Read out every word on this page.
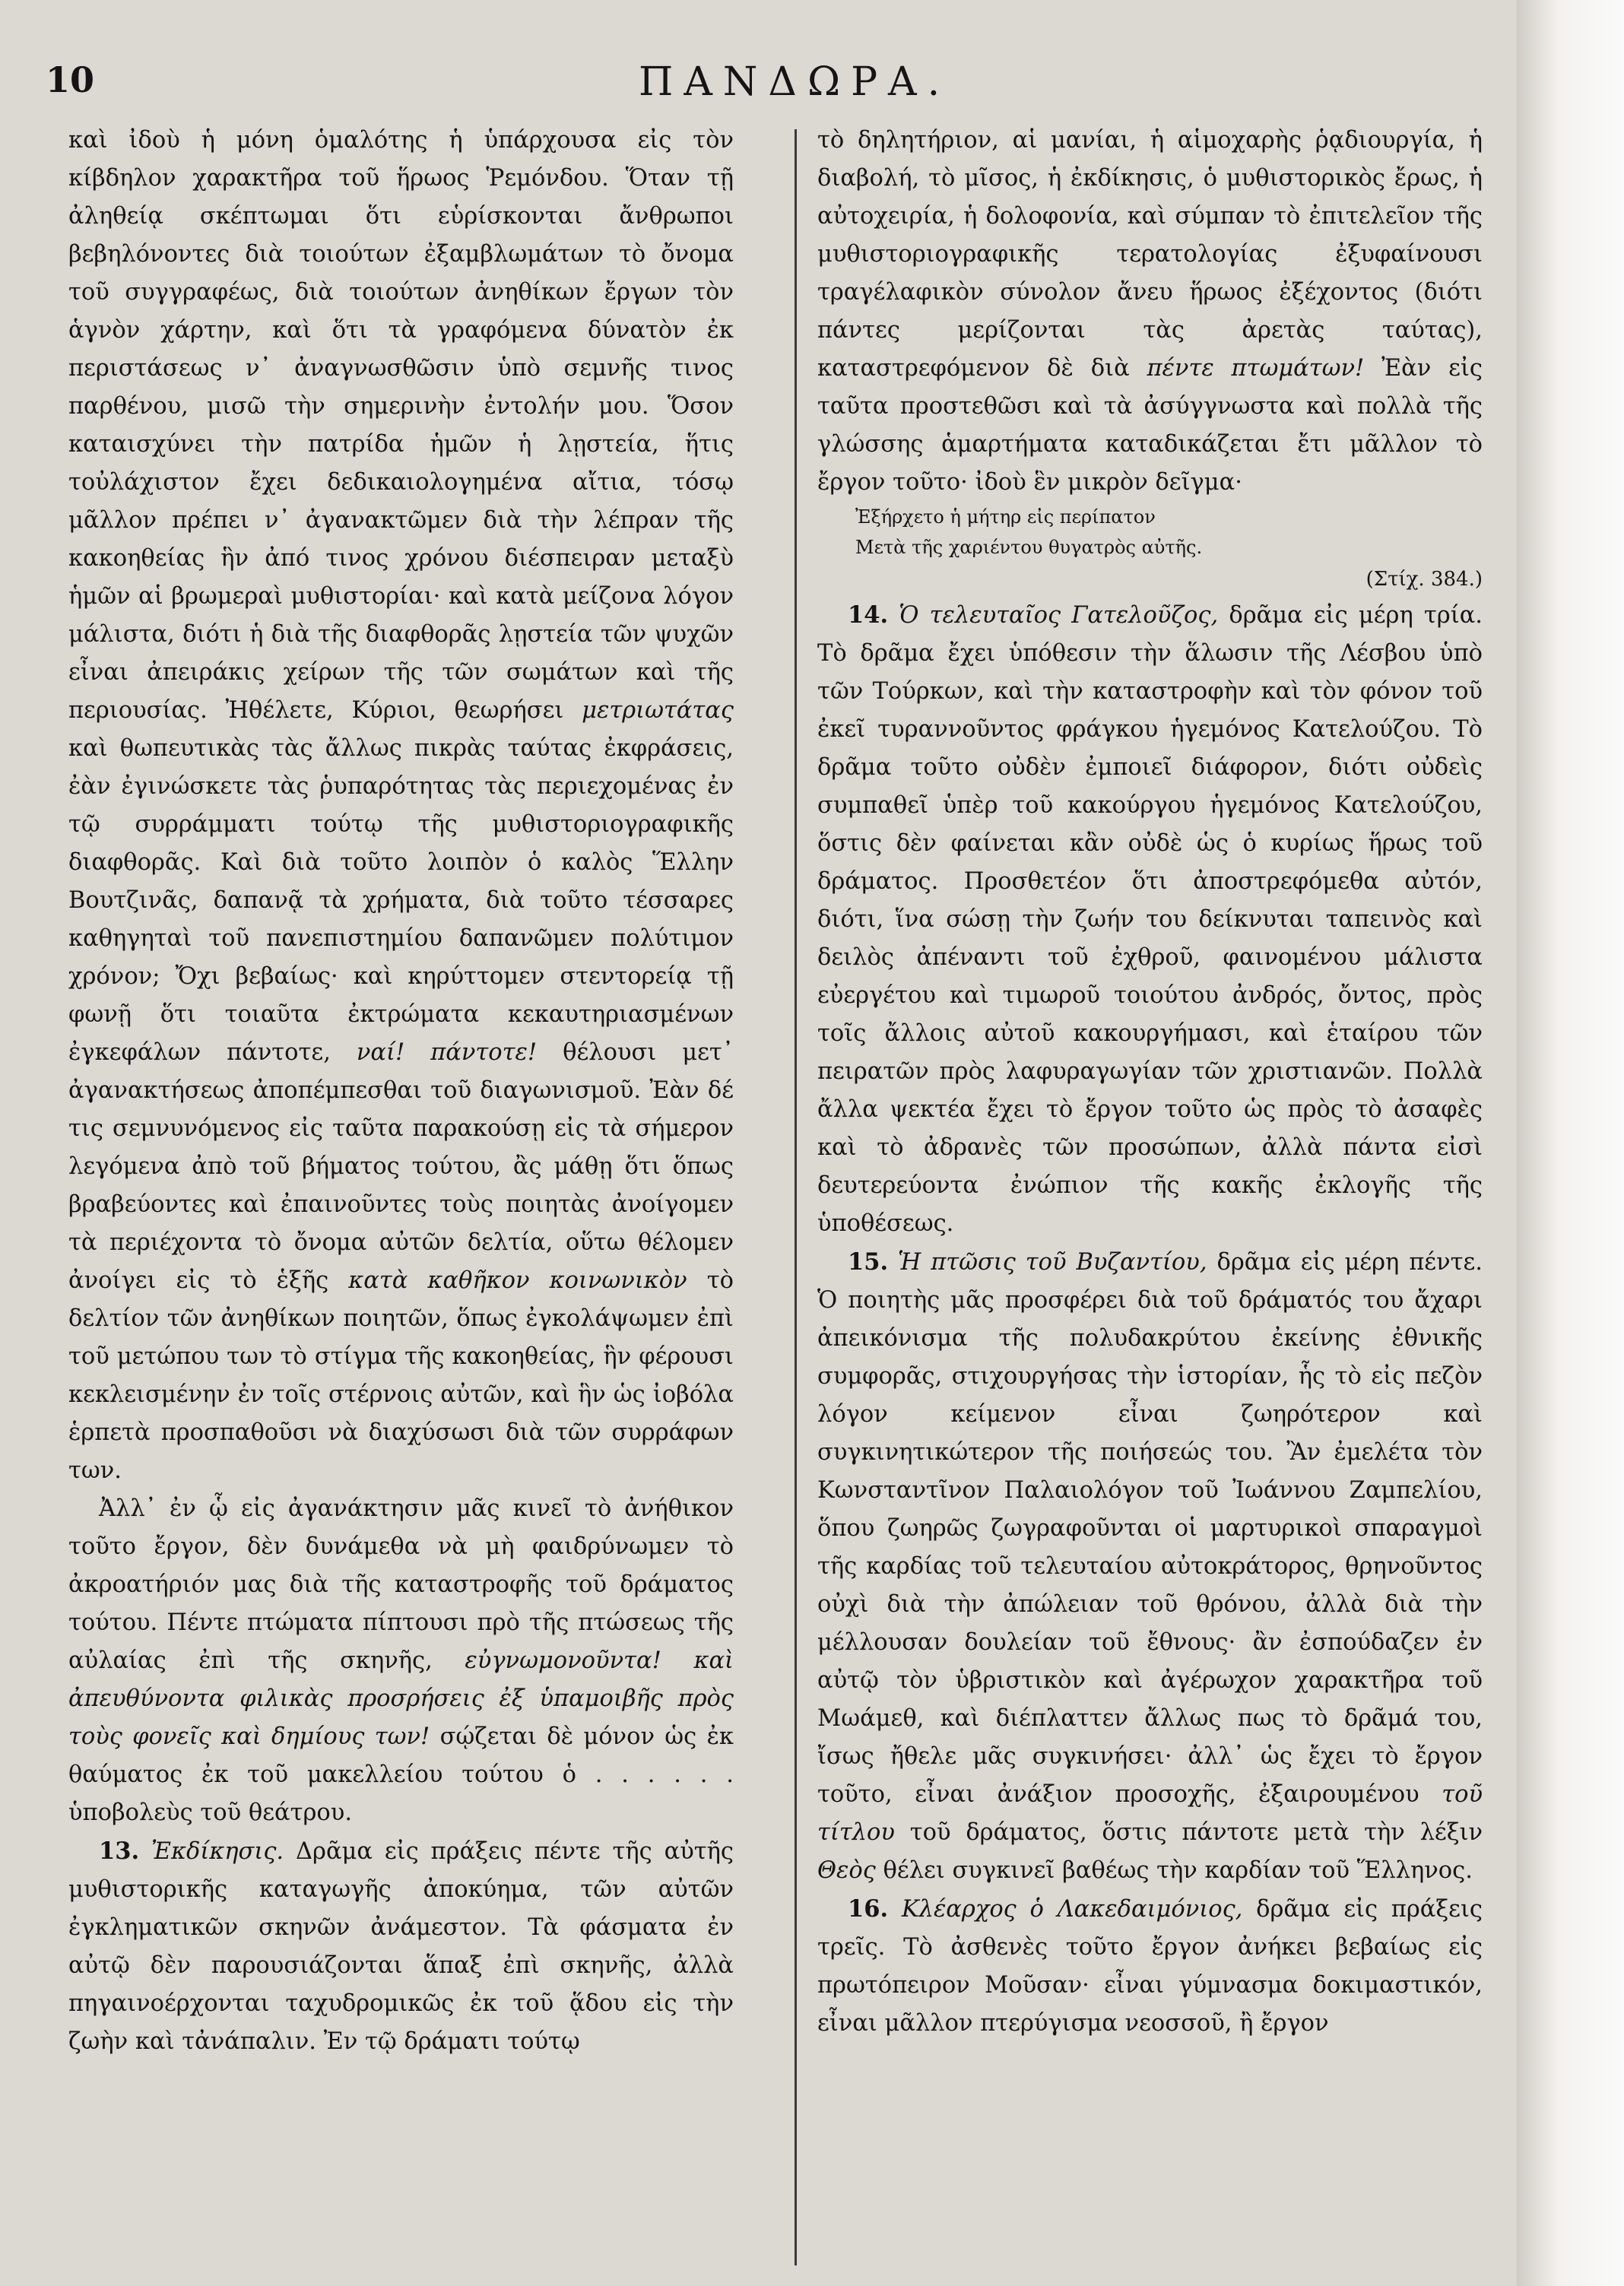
10	ΠΑΝΔΩΡΑ.

καὶ ἰδοὺ ἡ μόνη ὁμαλότης ἡ ὑπάρχουσα εἰς τὸν κίβδηλον χαρακτῆρα τοῦ ἥρωος Ῥεμόνδου. Ὅταν τῇ ἀληθείᾳ σκέπτωμαι ὅτι εὑρίσκονται ἄνθρωποι βεβηλόνοντες διὰ τοιούτων ἐξαμβλωμάτων τὸ ὄνομα τοῦ συγγραφέως, διὰ τοιούτων ἀνηθίκων ἔργων τὸν ἁγνὸν χάρτην, καὶ ὅτι τὰ γραφόμενα δύνατὸν ἐκ περιστάσεως ν᾽ ἀναγνωσθῶσιν ὑπὸ σεμνῆς τινος παρθένου, μισῶ τὴν σημερινὴν ἐντολήν μου. Ὅσον καταισχύνει τὴν πατρίδα ἡμῶν ἡ λῃστεία, ἥτις τοὐλάχιστον ἔχει δεδικαιολογημένα αἴτια, τόσῳ μᾶλλον πρέπει ν᾽ ἀγανακτῶμεν διὰ τὴν λέπραν τῆς κακοηθείας ἣν ἀπό τινος χρόνου διέσπειραν μεταξὺ ἡμῶν αἱ βρωμεραὶ μυθιστορίαι· καὶ κατὰ μείζονα λόγον μάλιστα, διότι ἡ διὰ τῆς διαφθορᾶς λῃστεία τῶν ψυχῶν εἶναι ἀπειράκις χείρων τῆς τῶν σωμάτων καὶ τῆς περιουσίας. Ἠθέλετε, Κύριοι, θεωρήσει μετριωτάτας καὶ θωπευτικὰς τὰς ἄλλως πικρὰς ταύτας ἐκφράσεις, ἐὰν ἐγινώσκετε τὰς ῥυπαρότητας τὰς περιεχομένας ἐν τῷ συρράμματι τούτῳ τῆς μυθιστοριογραφικῆς διαφθορᾶς. Καὶ διὰ τοῦτο λοιπὸν ὁ καλὸς Ἕλλην Βουτζινᾶς, δαπανᾷ τὰ χρήματα, διὰ τοῦτο τέσσαρες καθηγηταὶ τοῦ πανεπιστημίου δαπανῶμεν πολύτιμον χρόνον; Ὄχι βεβαίως· καὶ κηρύττομεν στεντορείᾳ τῇ φωνῇ ὅτι τοιαῦτα ἐκτρώματα κεκαυτηριασμένων ἐγκεφάλων πάντοτε, ναί! πάντοτε! θέλουσι μετ᾽ ἀγανακτήσεως ἀποπέμπεσθαι τοῦ διαγωνισμοῦ. Ἐὰν δέ τις σεμνυνόμενος εἰς ταῦτα παρακούσῃ εἰς τὰ σήμερον λεγόμενα ἀπὸ τοῦ βήματος τούτου, ἂς μάθῃ ὅτι ὅπως βραβεύοντες καὶ ἐπαινοῦντες τοὺς ποιητὰς ἀνοίγομεν τὰ περιέχοντα τὸ ὄνομα αὐτῶν δελτία, οὕτω θέλομεν ἀνοίγει εἰς τὸ ἑξῆς κατὰ καθῆκον κοινωνικὸν τὸ δελτίον τῶν ἀνηθίκων ποιητῶν, ὅπως ἐγκολάψωμεν ἐπὶ τοῦ μετώπου των τὸ στίγμα τῆς κακοηθείας, ἣν φέρουσι κεκλεισμένην ἐν τοῖς στέρνοις αὐτῶν, καὶ ἣν ὡς ἰοβόλα ἑρπετὰ προσπαθοῦσι νὰ διαχύσωσι διὰ τῶν συρράφων των.

Ἀλλ᾽ ἐν ᾧ εἰς ἀγανάκτησιν μᾶς κινεῖ τὸ ἀνήθικον τοῦτο ἔργον, δὲν δυνάμεθα νὰ μὴ φαιδρύνωμεν τὸ ἀκροατήριόν μας διὰ τῆς καταστροφῆς τοῦ δράματος τούτου. Πέντε πτώματα πίπτουσι πρὸ τῆς πτώσεως τῆς αὐλαίας ἐπὶ τῆς σκηνῆς, εὐγνωμονοῦντα! καὶ ἀπευθύνοντα φιλικὰς προσρήσεις ἐξ ὑπαμοιβῆς πρὸς τοὺς φονεῖς καὶ δημίους των! σῴζεται δὲ μόνον ὡς ἐκ θαύματος ἐκ τοῦ μακελλείου τούτου ὁ . . . . . . ὑποβολεὺς τοῦ θεάτρου.

13. Ἐκδίκησις. Δρᾶμα εἰς πράξεις πέντε τῆς αὐτῆς μυθιστορικῆς καταγωγῆς ἀποκύημα, τῶν αὐτῶν ἐγκληματικῶν σκηνῶν ἀνάμεστον. Τὰ φάσματα ἐν αὐτῷ δὲν παρουσιάζονται ἅπαξ ἐπὶ σκηνῆς, ἀλλὰ πηγαινοέρχονται ταχυδρομικῶς ἐκ τοῦ ᾅδου εἰς τὴν ζωὴν καὶ τἀνάπαλιν. Ἐν τῷ δράματι τούτῳ

τὸ δηλητήριον, αἱ μανίαι, ἡ αἱμοχαρὴς ῥᾳδιουργία, ἡ διαβολή, τὸ μῖσος, ἡ ἐκδίκησις, ὁ μυθιστορικὸς ἔρως, ἡ αὐτοχειρία, ἡ δολοφονία, καὶ σύμπαν τὸ ἐπιτελεῖον τῆς μυθιστοριογραφικῆς τερατολογίας ἐξυφαίνουσι τραγέλαφικὸν σύνολον ἄνευ ἥρωος ἐξέχοντος (διότι πάντες μερίζονται τὰς ἀρετὰς ταύτας), καταστρεφόμενον δὲ διὰ πέντε πτωμάτων! Ἐὰν εἰς ταῦτα προστεθῶσι καὶ τὰ ἀσύγγνωστα καὶ πολλὰ τῆς γλώσσης ἁμαρτήματα καταδικάζεται ἔτι μᾶλλον τὸ ἔργον τοῦτο· ἰδοὺ ἓν μικρὸν δεῖγμα·

Ἐξήρχετο ἡ μήτηρ εἰς περίπατον

Μετὰ τῆς χαριέντου θυγατρὸς αὐτῆς.

(Στίχ. 384.)

14. Ὁ τελευταῖος Γατελοῦζος, δρᾶμα εἰς μέρη τρία. Τὸ δρᾶμα ἔχει ὑπόθεσιν τὴν ἅλωσιν τῆς Λέσβου ὑπὸ τῶν Τούρκων, καὶ τὴν καταστροφὴν καὶ τὸν φόνον τοῦ ἐκεῖ τυραννοῦντος φράγκου ἡγεμόνος Κατελούζου. Τὸ δρᾶμα τοῦτο οὐδὲν ἐμποιεῖ διάφορον, διότι οὐδεὶς συμπαθεῖ ὑπὲρ τοῦ κακούργου ἡγεμόνος Κατελούζου, ὅστις δὲν φαίνεται κἂν οὐδὲ ὡς ὁ κυρίως ἥρως τοῦ δράματος. Προσθετέον ὅτι ἀποστρεφόμεθα αὐτόν, διότι, ἵνα σώσῃ τὴν ζωήν του δείκνυται ταπεινὸς καὶ δειλὸς ἀπέναντι τοῦ ἐχθροῦ, φαινομένου μάλιστα εὐεργέτου καὶ τιμωροῦ τοιούτου ἀνδρός, ὄντος, πρὸς τοῖς ἄλλοις αὐτοῦ κακουργήμασι, καὶ ἑταίρου τῶν πειρατῶν πρὸς λαφυραγωγίαν τῶν χριστιανῶν. Πολλὰ ἄλλα ψεκτέα ἔχει τὸ ἔργον τοῦτο ὡς πρὸς τὸ ἀσαφὲς καὶ τὸ ἀδρανὲς τῶν προσώπων, ἀλλὰ πάντα εἰσὶ δευτερεύοντα ἐνώπιον τῆς κακῆς ἐκλογῆς τῆς ὑποθέσεως.

15. Ἡ πτῶσις τοῦ Βυζαντίου, δρᾶμα εἰς μέρη πέντε. Ὁ ποιητὴς μᾶς προσφέρει διὰ τοῦ δράματός του ἄχαρι ἀπεικόνισμα τῆς πολυδακρύτου ἐκείνης ἐθνικῆς συμφορᾶς, στιχουργήσας τὴν ἱστορίαν, ἧς τὸ εἰς πεζὸν λόγον κείμενον εἶναι ζωηρότερον καὶ συγκινητικώτερον τῆς ποιήσεώς του. Ἂν ἐμελέτα τὸν Κωνσταντῖνον Παλαιολόγον τοῦ Ἰωάννου Ζαμπελίου, ὅπου ζωηρῶς ζωγραφοῦνται οἱ μαρτυρικοὶ σπαραγμοὶ τῆς καρδίας τοῦ τελευταίου αὐτοκράτορος, θρηνοῦντος οὐχὶ διὰ τὴν ἀπώλειαν τοῦ θρόνου, ἀλλὰ διὰ τὴν μέλλουσαν δουλείαν τοῦ ἔθνους· ἂν ἐσπούδαζεν ἐν αὐτῷ τὸν ὑβριστικὸν καὶ ἀγέρωχον χαρακτῆρα τοῦ Μωάμεθ, καὶ διέπλαττεν ἄλλως πως τὸ δρᾶμά του, ἴσως ἤθελε μᾶς συγκινήσει· ἀλλ᾽ ὡς ἔχει τὸ ἔργον τοῦτο, εἶναι ἀνάξιον προσοχῆς, ἐξαιρουμένου τοῦ τίτλου τοῦ δράματος, ὅστις πάντοτε μετὰ τὴν λέξιν Θεὸς θέλει συγκινεῖ βαθέως τὴν καρδίαν τοῦ Ἕλληνος.

16. Κλέαρχος ὁ Λακεδαιμόνιος, δρᾶμα εἰς πράξεις τρεῖς. Τὸ ἀσθενὲς τοῦτο ἔργον ἀνήκει βεβαίως εἰς πρωτόπειρον Μοῦσαν· εἶναι γύμνασμα δοκιμαστικόν, εἶναι μᾶλλον πτερύγισμα νεοσσοῦ, ἢ ἔργον
